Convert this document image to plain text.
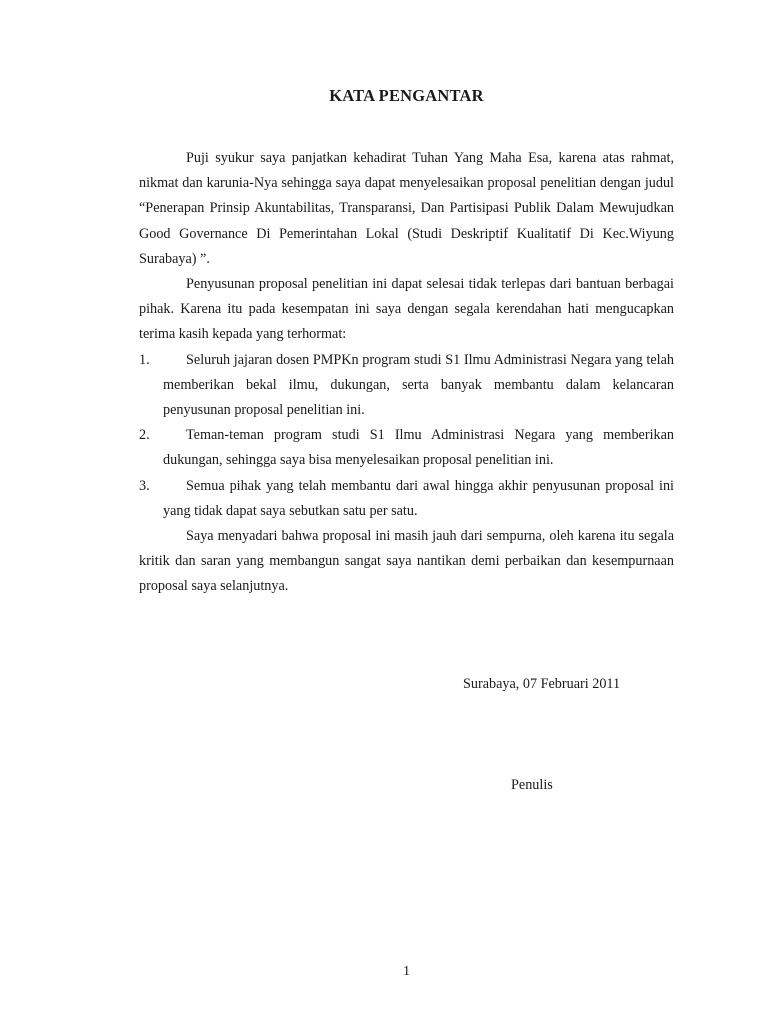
KATA PENGANTAR

Puji syukur saya panjatkan kehadirat Tuhan Yang Maha Esa, karena atas rahmat, nikmat dan karunia-Nya sehingga saya dapat menyelesaikan proposal penelitian dengan judul “Penerapan Prinsip Akuntabilitas, Transparansi, Dan Partisipasi Publik Dalam Mewujudkan Good Governance Di Pemerintahan Lokal (Studi Deskriptif Kualitatif Di Kec.Wiyung Surabaya) ”.

Penyusunan proposal penelitian ini dapat selesai tidak terlepas dari bantuan berbagai pihak. Karena itu pada kesempatan ini saya dengan segala kerendahan hati mengucapkan terima kasih kepada yang terhormat:

1.	Seluruh jajaran dosen PMPKn program studi S1 Ilmu Administrasi Negara yang telah memberikan bekal ilmu, dukungan, serta banyak membantu dalam kelancaran penyusunan proposal penelitian ini.

2.	Teman-teman program studi S1 Ilmu Administrasi Negara yang memberikan dukungan, sehingga saya bisa menyelesaikan proposal penelitian ini.

3.	Semua pihak yang telah membantu dari awal hingga akhir penyusunan proposal ini yang tidak dapat saya sebutkan satu per satu.

Saya menyadari bahwa proposal ini masih jauh dari sempurna, oleh karena itu segala kritik dan saran yang membangun sangat saya nantikan demi perbaikan dan kesempurnaan proposal saya selanjutnya.

Surabaya, 07 Februari 2011
Penulis
1
